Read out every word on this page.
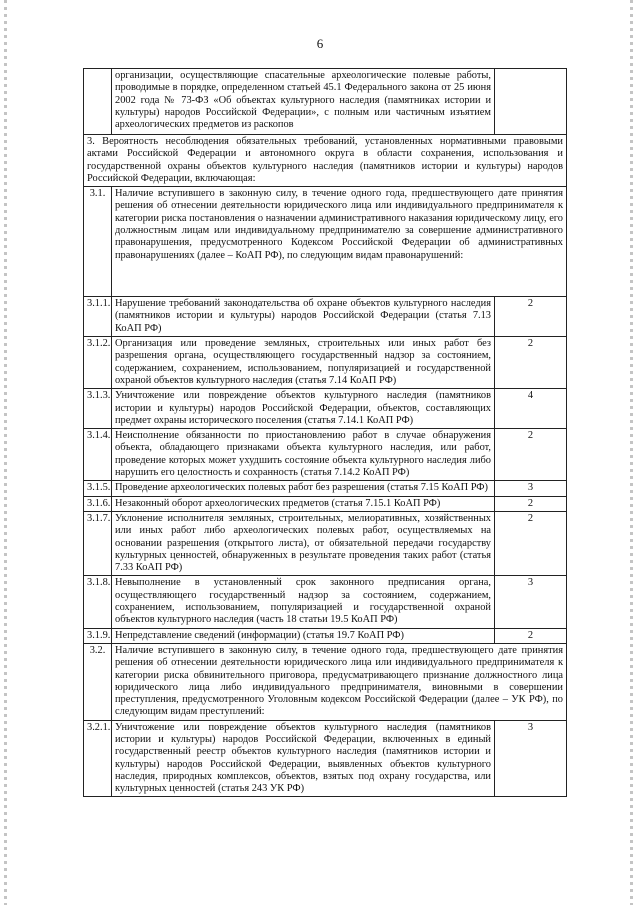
6
	организации, осуществляющие спасательные археологические полевые работы, проводимые в порядке, определенном статьей 45.1 Федерального закона от 25 июня 2002 года № 73-ФЗ «Об объектах культурного наследия (памятниках истории и культуры) народов Российской Федерации», с полным или частичным изъятием археологических предметов из раскопов	
3. Вероятность несоблюдения обязательных требований, установленных нормативными правовыми актами Российской Федерации и автономного округа в области сохранения, использования и государственной охраны объектов культурного наследия (памятников истории и культуры) народов Российской Федерации, включающая:		
3.1.	Наличие вступившего в законную силу, в течение одного года, предшествующего дате принятия решения об отнесении деятельности юридического лица или индивидуального предпринимателя к категории риска постановления о назначении административного наказания юридическому лицу, его должностным лицам или индивидуальному предпринимателю за совершение административного правонарушения, предусмотренного Кодексом Российской Федерации об административных правонарушениях (далее – КоАП РФ), по следующим видам правонарушений:	
3.1.1.	Нарушение требований законодательства об охране объектов культурного наследия (памятников истории и культуры) народов Российской Федерации (статья 7.13 КоАП РФ)	2
3.1.2.	Организация или проведение земляных, строительных или иных работ без разрешения органа, осуществляющего государственный надзор за состоянием, содержанием, сохранением, использованием, популяризацией и государственной охраной объектов культурного наследия (статья 7.14 КоАП РФ)	2
3.1.3.	Уничтожение или повреждение объектов культурного наследия (памятников истории и культуры) народов Российской Федерации, объектов, составляющих предмет охраны исторического поселения (статья 7.14.1 КоАП РФ)	4
3.1.4.	Неисполнение обязанности по приостановлению работ в случае обнаружения объекта, обладающего признаками объекта культурного наследия, или работ, проведение которых может ухудшить состояние объекта культурного наследия либо нарушить его целостность и сохранность (статья 7.14.2 КоАП РФ)	2
3.1.5.	Проведение археологических полевых работ без разрешения (статья 7.15 КоАП РФ)	3
3.1.6.	Незаконный оборот археологических предметов (статья 7.15.1 КоАП РФ)	2
3.1.7.	Уклонение исполнителя земляных, строительных, мелиоративных, хозяйственных или иных работ либо археологических полевых работ, осуществляемых на основании разрешения (открытого листа), от обязательной передачи государству культурных ценностей, обнаруженных в результате проведения таких работ (статья 7.33 КоАП РФ)	2
3.1.8.	Невыполнение в установленный срок законного предписания органа, осуществляющего государственный надзор за состоянием, содержанием, сохранением, использованием, популяризацией и государственной охраной объектов культурного наследия (часть 18 статьи 19.5 КоАП РФ)	3
3.1.9.	Непредставление сведений (информации) (статья 19.7 КоАП РФ)	2
3.2.	Наличие вступившего в законную силу, в течение одного года, предшествующего дате принятия решения об отнесении деятельности юридического лица или индивидуального предпринимателя к категории риска обвинительного приговора, предусматривающего признание должностного лица юридического лица либо индивидуального предпринимателя, виновными в совершении преступления, предусмотренного Уголовным кодексом Российской Федерации (далее – УК РФ), по следующим видам преступлений:	
3.2.1.	Уничтожение или повреждение объектов культурного наследия (памятников истории и культуры) народов Российской Федерации, включенных в единый государственный реестр объектов культурного наследия (памятников истории и культуры) народов Российской Федерации, выявленных объектов культурного наследия, природных комплексов, объектов, взятых под охрану государства, или культурных ценностей (статья 243 УК РФ)	3
